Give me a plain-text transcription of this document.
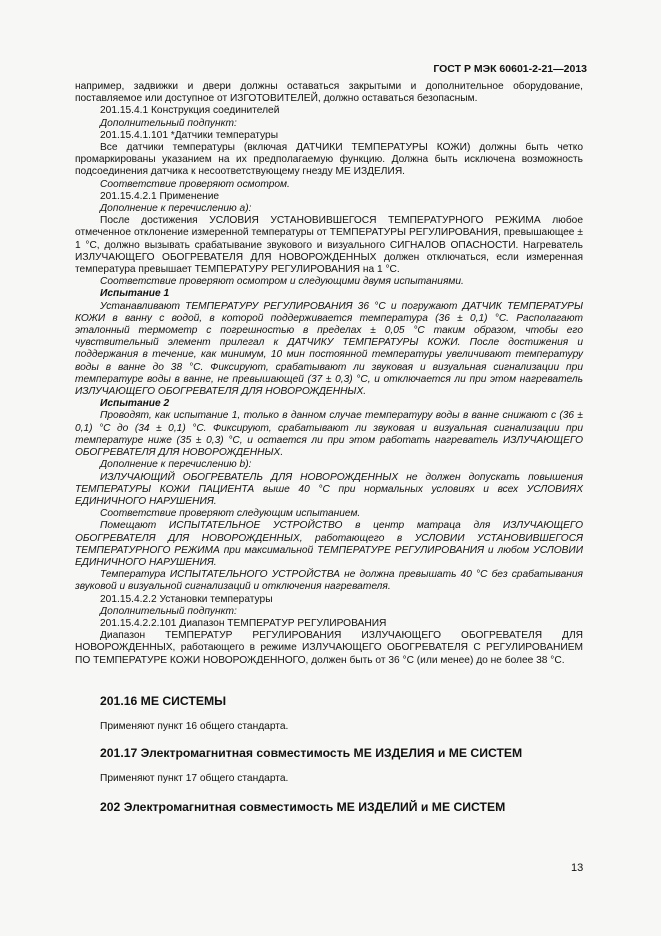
ГОСТ Р МЭК 60601-2-21—2013

например, задвижки и двери должны оставаться закрытыми и дополнительное оборудование, поставляемое или доступное от ИЗГОТОВИТЕЛЕЙ, должно оставаться безопасным.

201.15.4.1 Конструкция соединителей

Дополнительный подпункт:

201.15.4.1.101 *Датчики температуры

Все датчики температуры (включая ДАТЧИКИ ТЕМПЕРАТУРЫ КОЖИ) должны быть четко промаркированы указанием на их предполагаемую функцию. Должна быть исключена возможность подсоединения датчика к несоответствующему гнезду МЕ ИЗДЕЛИЯ.

Соответствие проверяют осмотром.

201.15.4.2.1 Применение

Дополнение к перечислению а):

После достижения УСЛОВИЯ УСТАНОВИВШЕГОСЯ ТЕМПЕРАТУРНОГО РЕЖИМА любое отмеченное отклонение измеренной температуры от ТЕМПЕРАТУРЫ РЕГУЛИРОВАНИЯ, превышающее ± 1 °С, должно вызывать срабатывание звукового и визуального СИГНАЛОВ ОПАСНОСТИ. Нагреватель ИЗЛУЧАЮЩЕГО ОБОГРЕВАТЕЛЯ ДЛЯ НОВОРОЖДЕННЫХ должен отключаться, если измеренная температура превышает ТЕМПЕРАТУРУ РЕГУЛИРОВАНИЯ на 1 °С.

Соответствие проверяют осмотром и следующими двумя испытаниями.

Испытание 1

Устанавливают ТЕМПЕРАТУРУ РЕГУЛИРОВАНИЯ 36 °С и погружают ДАТЧИК ТЕМПЕРАТУРЫ КОЖИ в ванну с водой, в которой поддерживается температура (36 ± 0,1) °С. Располагают эталонный термометр с погрешностью в пределах ± 0,05 °С таким образом, чтобы его чувствительный элемент прилегал к ДАТЧИКУ ТЕМПЕРАТУРЫ КОЖИ. После достижения и поддержания в течение, как минимум, 10 мин постоянной температуры увеличивают температуру воды в ванне до 38 °С. Фиксируют, срабатывают ли звуковая и визуальная сигнализации при температуре воды в ванне, не превышающей (37 ± 0,3) °С, и отключается ли при этом нагреватель ИЗЛУЧАЮЩЕГО ОБОГРЕВАТЕЛЯ ДЛЯ НОВОРОЖДЕННЫХ.

Испытание 2

Проводят, как испытание 1, только в данном случае температуру воды в ванне снижают с (36 ± 0,1) °С до (34 ± 0,1) °С. Фиксируют, срабатывают ли звуковая и визуальная сигнализации при температуре ниже (35 ± 0,3) °С, и остается ли при этом работать нагреватель ИЗЛУЧАЮЩЕГО ОБОГРЕВАТЕЛЯ ДЛЯ НОВОРОЖДЕННЫХ.

Дополнение к перечислению b):

ИЗЛУЧАЮЩИЙ ОБОГРЕВАТЕЛЬ ДЛЯ НОВОРОЖДЕННЫХ не должен допускать повышения ТЕМПЕРАТУРЫ КОЖИ ПАЦИЕНТА выше 40 °С при нормальных условиях и всех УСЛОВИЯХ ЕДИНИЧНОГО НАРУШЕНИЯ.

Соответствие проверяют следующим испытанием.

Помещают ИСПЫТАТЕЛЬНОЕ УСТРОЙСТВО в центр матраца для ИЗЛУЧАЮЩЕГО ОБОГРЕВАТЕЛЯ ДЛЯ НОВОРОЖДЕННЫХ, работающего в УСЛОВИИ УСТАНОВИВШЕГОСЯ ТЕМПЕРАТУРНОГО РЕЖИМА при максимальной ТЕМПЕРАТУРЕ РЕГУЛИРОВАНИЯ и любом УСЛОВИИ ЕДИНИЧНОГО НАРУШЕНИЯ.

Температура ИСПЫТАТЕЛЬНОГО УСТРОЙСТВА не должна превышать 40 °С без срабатывания звуковой и визуальной сигнализаций и отключения нагревателя.

201.15.4.2.2 Установки температуры

Дополнительный подпункт:

201.15.4.2.2.101 Диапазон ТЕМПЕРАТУР РЕГУЛИРОВАНИЯ

Диапазон ТЕМПЕРАТУР РЕГУЛИРОВАНИЯ ИЗЛУЧАЮЩЕГО ОБОГРЕВАТЕЛЯ ДЛЯ НОВОРОЖДЕННЫХ, работающего в режиме ИЗЛУЧАЮЩЕГО ОБОГРЕВАТЕЛЯ С РЕГУЛИРОВАНИЕМ ПО ТЕМПЕРАТУРЕ КОЖИ НОВОРОЖДЕННОГО, должен быть от 36 °С (или менее) до не более 38 °С.

201.16 МЕ СИСТЕМЫ
Применяют пункт 16 общего стандарта.
201.17 Электромагнитная совместимость МЕ ИЗДЕЛИЯ и МЕ СИСТЕМ
Применяют пункт 17 общего стандарта.
202 Электромагнитная совместимость МЕ ИЗДЕЛИЙ и МЕ СИСТЕМ
13
